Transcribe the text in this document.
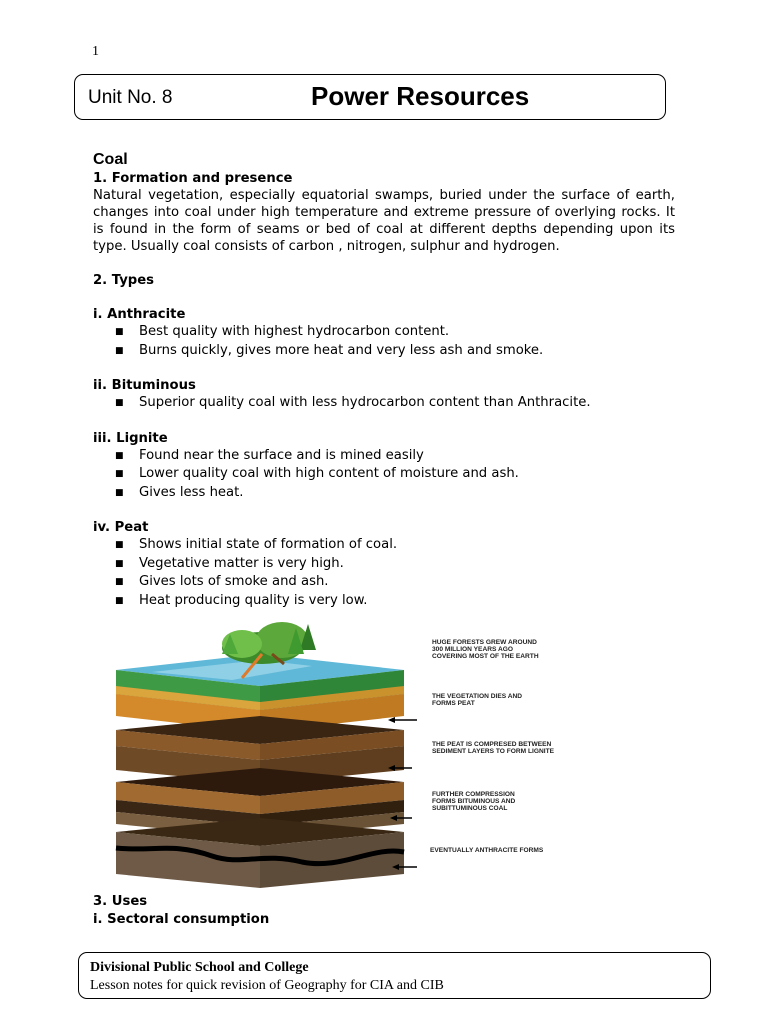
1
Unit No. 8	Power Resources
Coal
1. Formation and presence
Natural vegetation, especially equatorial swamps, buried under the surface of earth, changes into coal under high temperature and extreme pressure of overlying rocks. It is found in the form of seams or bed of coal at different depths depending upon its type. Usually coal consists of carbon , nitrogen, sulphur and hydrogen.
2. Types
i. Anthracite
■ Best quality with highest hydrocarbon content.
■ Burns quickly, gives more heat and very less ash and smoke.
ii. Bituminous
■ Superior quality coal with less hydrocarbon content than Anthracite.
iii. Lignite
■ Found near the surface and is mined easily
■ Lower quality coal with high content of moisture and ash.
■ Gives less heat.
iv. Peat
■ Shows initial state of formation of coal.
■ Vegetative matter is very high.
■ Gives lots of smoke and ash.
■ Heat producing quality is very low.
HUGE FORESTS GREW AROUND 300 MILLION YEARS AGO COVERING MOST OF THE EARTH
THE VEGETATION DIES AND FORMS PEAT
THE PEAT IS COMPRESED BETWEEN SEDIMENT LAYERS TO FORM LIGNITE
FURTHER COMPRESSION FORMS BITUMINOUS AND SUBITTUMINOUS COAL
EVENTUALLY ANTHRACITE FORMS
3. Uses
i. Sectoral consumption
Divisional Public School and College
Lesson notes for quick revision of Geography for CIA and CIB
